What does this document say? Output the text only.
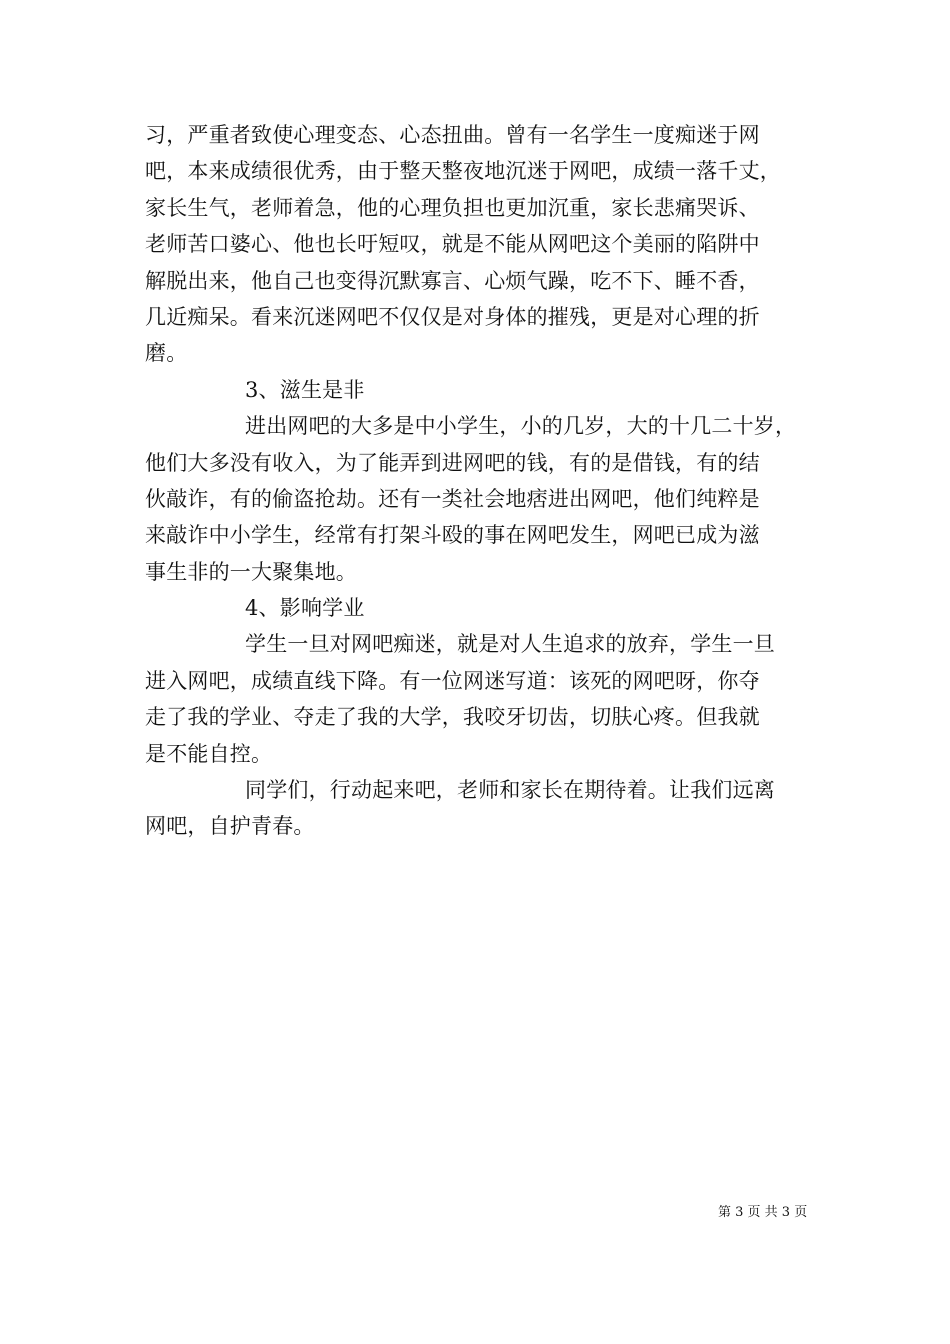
习，严重者致使心理变态、心态扭曲。曾有一名学生一度痴迷于网
吧，本来成绩很优秀，由于整天整夜地沉迷于网吧，成绩一落千丈，
家长生气，老师着急，他的心理负担也更加沉重，家长悲痛哭诉、
老师苦口婆心、他也长吁短叹，就是不能从网吧这个美丽的陷阱中
解脱出来，他自己也变得沉默寡言、心烦气躁，吃不下、睡不香，
几近痴呆。看来沉迷网吧不仅仅是对身体的摧残，更是对心理的折
磨。
3、滋生是非
进出网吧的大多是中小学生，小的几岁，大的十几二十岁，
他们大多没有收入，为了能弄到进网吧的钱，有的是借钱，有的结
伙敲诈，有的偷盗抢劫。还有一类社会地痞进出网吧，他们纯粹是
来敲诈中小学生，经常有打架斗殴的事在网吧发生，网吧已成为滋
事生非的一大聚集地。
4、影响学业
学生一旦对网吧痴迷，就是对人生追求的放弃，学生一旦
进入网吧，成绩直线下降。有一位网迷写道：该死的网吧呀，你夺
走了我的学业、夺走了我的大学，我咬牙切齿，切肤心疼。但我就
是不能自控。
同学们，行动起来吧，老师和家长在期待着。让我们远离
网吧，自护青春。
第 3 页 共 3 页
